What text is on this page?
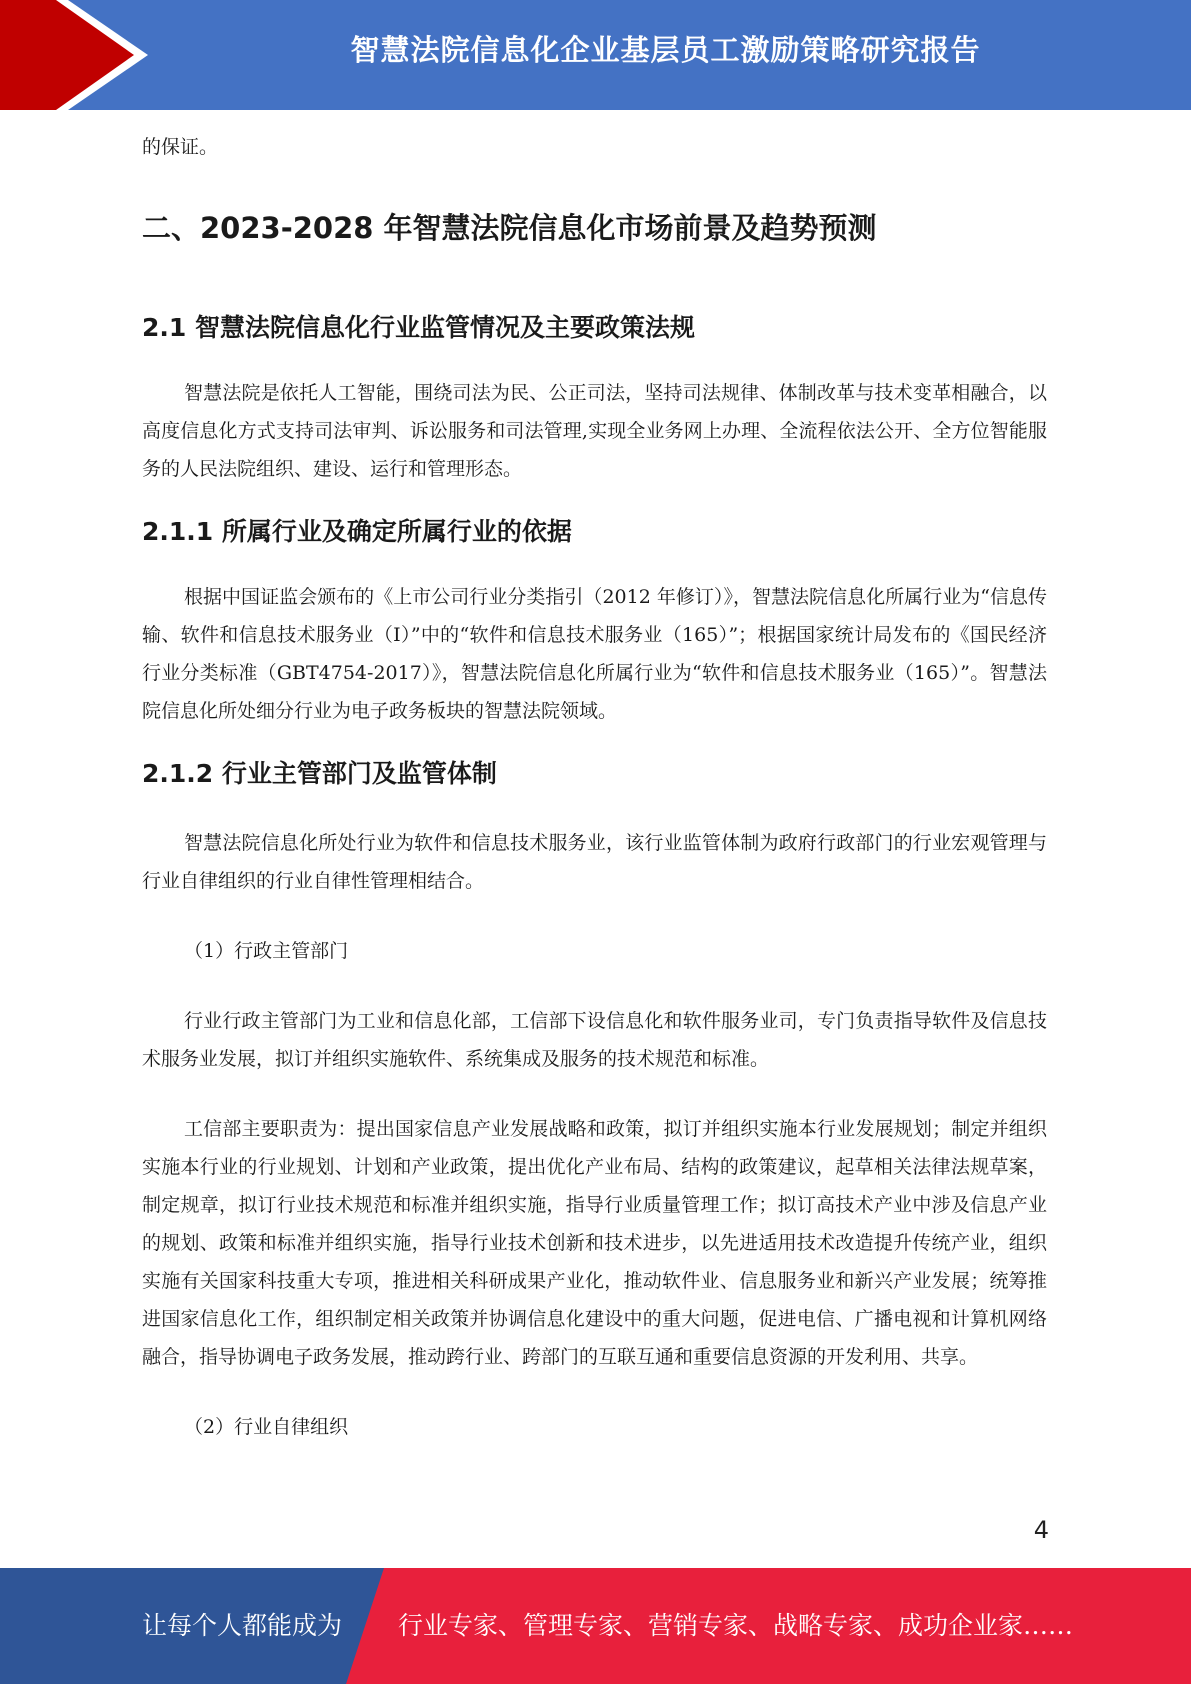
智慧法院信息化企业基层员工激励策略研究报告

的保证。

二、2023-2028 年智慧法院信息化市场前景及趋势预测
2.1 智慧法院信息化行业监管情况及主要政策法规

智慧法院是依托人工智能，围绕司法为民、公正司法，坚持司法规律、体制改革与技术变革相融合，以高度信息化方式支持司法审判、诉讼服务和司法管理,实现全业务网上办理、全流程依法公开、全方位智能服务的人民法院组织、建设、运行和管理形态。

2.1.1 所属行业及确定所属行业的依据

根据中国证监会颁布的《上市公司行业分类指引（2012 年修订）》，智慧法院信息化所属行业为“信息传输、软件和信息技术服务业（I）”中的“软件和信息技术服务业（165）”；根据国家统计局发布的《国民经济行业分类标准（GBT4754-2017）》，智慧法院信息化所属行业为“软件和信息技术服务业（165）”。智慧法院信息化所处细分行业为电子政务板块的智慧法院领域。

2.1.2 行业主管部门及监管体制

智慧法院信息化所处行业为软件和信息技术服务业，该行业监管体制为政府行政部门的行业宏观管理与行业自律组织的行业自律性管理相结合。

（1）行政主管部门

行业行政主管部门为工业和信息化部，工信部下设信息化和软件服务业司，专门负责指导软件及信息技术服务业发展，拟订并组织实施软件、系统集成及服务的技术规范和标准。

工信部主要职责为：提出国家信息产业发展战略和政策，拟订并组织实施本行业发展规划；制定并组织实施本行业的行业规划、计划和产业政策，提出优化产业布局、结构的政策建议，起草相关法律法规草案，制定规章，拟订行业技术规范和标准并组织实施，指导行业质量管理工作；拟订高技术产业中涉及信息产业的规划、政策和标准并组织实施，指导行业技术创新和技术进步，以先进适用技术改造提升传统产业，组织实施有关国家科技重大专项，推进相关科研成果产业化，推动软件业、信息服务业和新兴产业发展；统筹推进国家信息化工作，组织制定相关政策并协调信息化建设中的重大问题，促进电信、广播电视和计算机网络融合，指导协调电子政务发展，推动跨行业、跨部门的互联互通和重要信息资源的开发利用、共享。

（2）行业自律组织

4
让每个人都能成为 行业专家、管理专家、营销专家、战略专家、成功企业家……
